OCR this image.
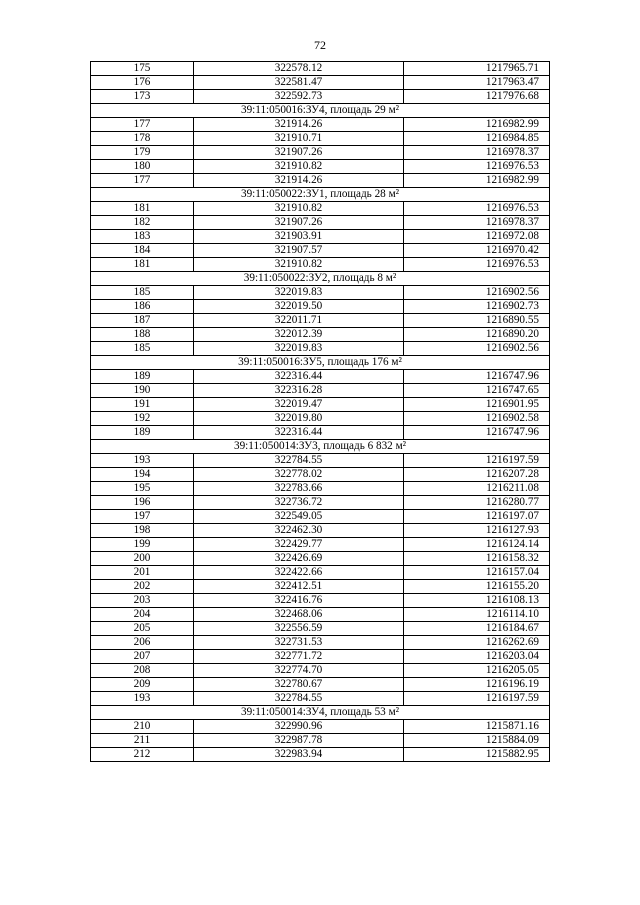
72
175	322578.12	1217965.71
176	322581.47	1217963.47
173	322592.73	1217976.68
39:11:050016:ЗУ4, площадь 29 м²		
177	321914.26	1216982.99
178	321910.71	1216984.85
179	321907.26	1216978.37
180	321910.82	1216976.53
177	321914.26	1216982.99
39:11:050022:ЗУ1, площадь 28 м²		
181	321910.82	1216976.53
182	321907.26	1216978.37
183	321903.91	1216972.08
184	321907.57	1216970.42
181	321910.82	1216976.53
39:11:050022:ЗУ2, площадь 8 м²		
185	322019.83	1216902.56
186	322019.50	1216902.73
187	322011.71	1216890.55
188	322012.39	1216890.20
185	322019.83	1216902.56
39:11:050016:ЗУ5, площадь 176 м²		
189	322316.44	1216747.96
190	322316.28	1216747.65
191	322019.47	1216901.95
192	322019.80	1216902.58
189	322316.44	1216747.96
39:11:050014:ЗУ3, площадь 6 832 м²		
193	322784.55	1216197.59
194	322778.02	1216207.28
195	322783.66	1216211.08
196	322736.72	1216280.77
197	322549.05	1216197.07
198	322462.30	1216127.93
199	322429.77	1216124.14
200	322426.69	1216158.32
201	322422.66	1216157.04
202	322412.51	1216155.20
203	322416.76	1216108.13
204	322468.06	1216114.10
205	322556.59	1216184.67
206	322731.53	1216262.69
207	322771.72	1216203.04
208	322774.70	1216205.05
209	322780.67	1216196.19
193	322784.55	1216197.59
39:11:050014:ЗУ4, площадь 53 м²		
210	322990.96	1215871.16
211	322987.78	1215884.09
212	322983.94	1215882.95
